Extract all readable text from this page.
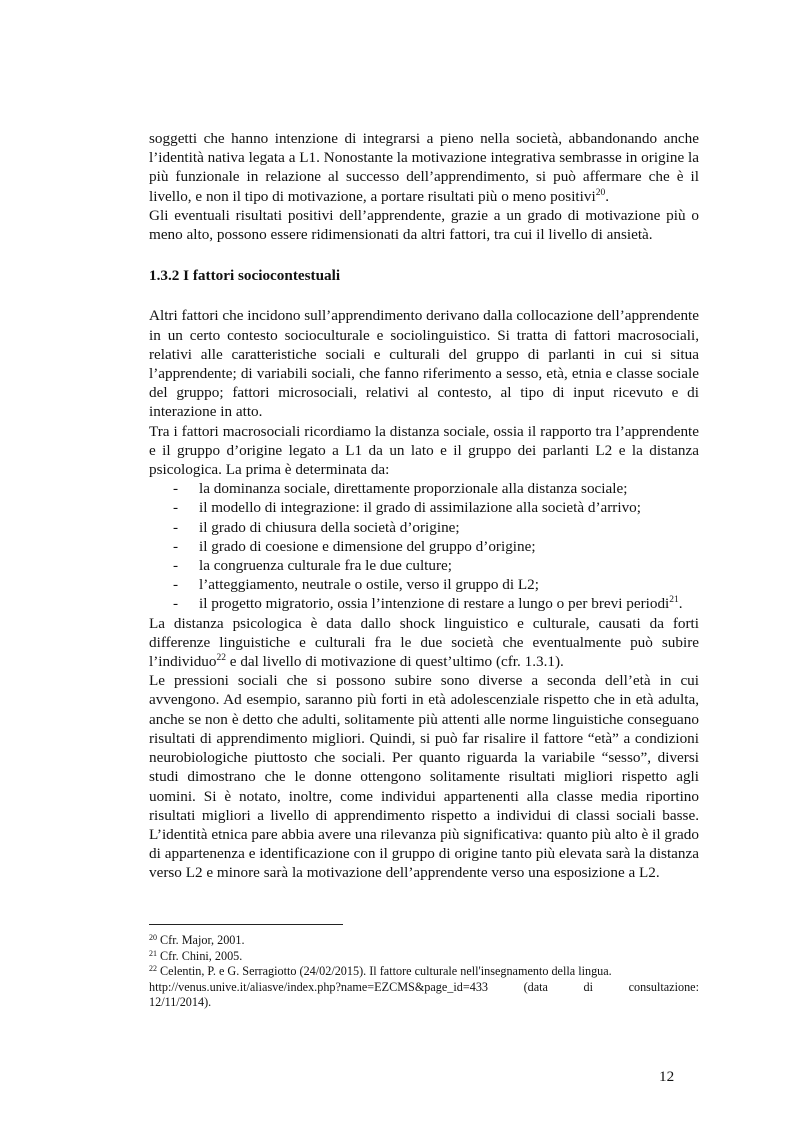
soggetti che hanno intenzione di integrarsi a pieno nella società, abbandonando anche l’identità nativa legata a L1. Nonostante la motivazione integrativa sembrasse in origine la più funzionale in relazione al successo dell’apprendimento, si può affermare che è il livello, e non il tipo di motivazione, a portare risultati più o meno positivi$^{20}$.

Gli eventuali risultati positivi dell’apprendente, grazie a un grado di motivazione più o meno alto, possono essere ridimensionati da altri fattori, tra cui il livello di ansietà.

1.3.2 I fattori sociocontestuali

Altri fattori che incidono sull’apprendimento derivano dalla collocazione dell’apprendente in un certo contesto socioculturale e sociolinguistico. Si tratta di fattori macrosociali, relativi alle caratteristiche sociali e culturali del gruppo di parlanti in cui si situa l’apprendente; di variabili sociali, che fanno riferimento a sesso, età, etnia e classe sociale del gruppo; fattori microsociali, relativi al contesto, al tipo di input ricevuto e di interazione in atto.

Tra i fattori macrosociali ricordiamo la distanza sociale, ossia il rapporto tra l’apprendente e il gruppo d’origine legato a L1 da un lato e il gruppo dei parlanti L2 e la distanza psicologica. La prima è determinata da:

- la dominanza sociale, direttamente proporzionale alla distanza sociale;
- il modello di integrazione: il grado di assimilazione alla società d’arrivo;
- il grado di chiusura della società d’origine;
- il grado di coesione e dimensione del gruppo d’origine;
- la congruenza culturale fra le due culture;
- l’atteggiamento, neutrale o ostile, verso il gruppo di L2;
- il progetto migratorio, ossia l’intenzione di restare a lungo o per brevi periodi$^{21}$.

La distanza psicologica è data dallo shock linguistico e culturale, causati da forti differenze linguistiche e culturali fra le due società che eventualmente può subire l’individuo$^{22}$ e dal livello di motivazione di quest’ultimo (cfr. 1.3.1).

Le pressioni sociali che si possono subire sono diverse a seconda dell’età in cui avvengono. Ad esempio, saranno più forti in età adolescenziale rispetto che in età adulta, anche se non è detto che adulti, solitamente più attenti alle norme linguistiche conseguano risultati di apprendimento migliori. Quindi, si può far risalire il fattore “età” a condizioni neurobiologiche piuttosto che sociali. Per quanto riguarda la variabile “sesso”, diversi studi dimostrano che le donne ottengono solitamente risultati migliori rispetto agli uomini. Si è notato, inoltre, come individui appartenenti alla classe media riportino risultati migliori a livello di apprendimento rispetto a individui di classi sociali basse. L’identità etnica pare abbia avere una rilevanza più significativa: quanto più alto è il grado di appartenenza e identificazione con il gruppo di origine tanto più elevata sarà la distanza verso L2 e minore sarà la motivazione dell’apprendente verso una esposizione a L2.

$^{20}$ Cfr. Major, 2001.

$^{21}$ Cfr. Chini, 2005.

$^{22}$ Celentin, P. e G. Serragiotto (24/02/2015). Il fattore culturale nell'insegnamento della lingua.

http://venus.unive.it/aliasve/index.php?name=EZCMS&page_id=433	(data	di	consultazione:

12/11/2014).

12
